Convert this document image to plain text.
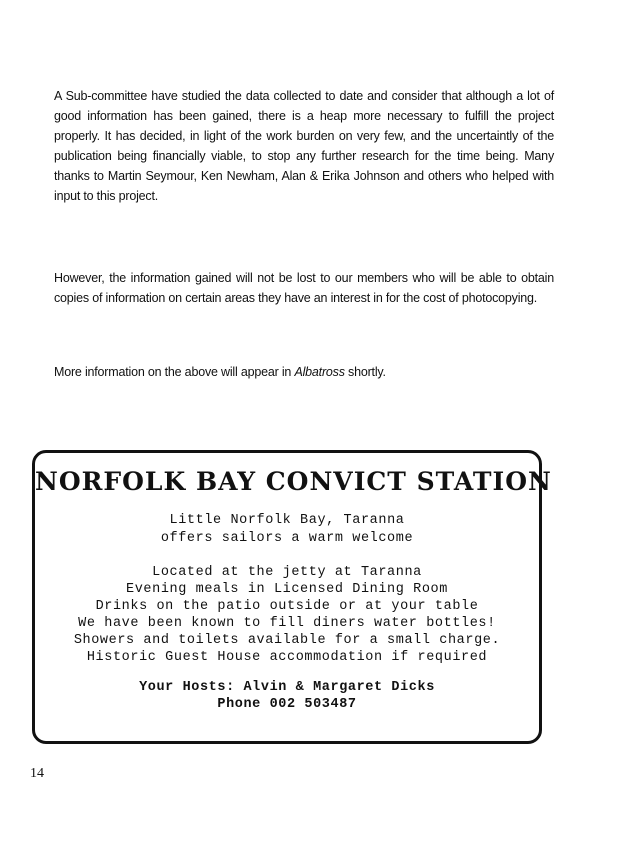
A Sub-committee have studied the data collected to date and consider that although a lot of good information has been gained, there is a heap more necessary to fulfill the project properly. It has decided, in light of the work burden on very few, and the uncertaintly of the publication being financially viable, to stop any further research for the time being. Many thanks to Martin Seymour, Ken Newham, Alan & Erika Johnson and others who helped with input to this project.

However, the information gained will not be lost to our members who will be able to obtain copies of information on certain areas they have an interest in for the cost of photocopying.

More information on the above will appear in Albatross shortly.

NORFOLK BAY CONVICT STATION
Little Norfolk Bay, Taranna
offers sailors a warm welcome
Located at the jetty at Taranna
Evening meals in Licensed Dining Room
Drinks on the patio outside or at your table
We have been known to fill diners water bottles!
Showers and toilets available for a small charge.
Historic Guest House accommodation if required
Your Hosts: Alvin & Margaret Dicks
Phone 002 503487
14
